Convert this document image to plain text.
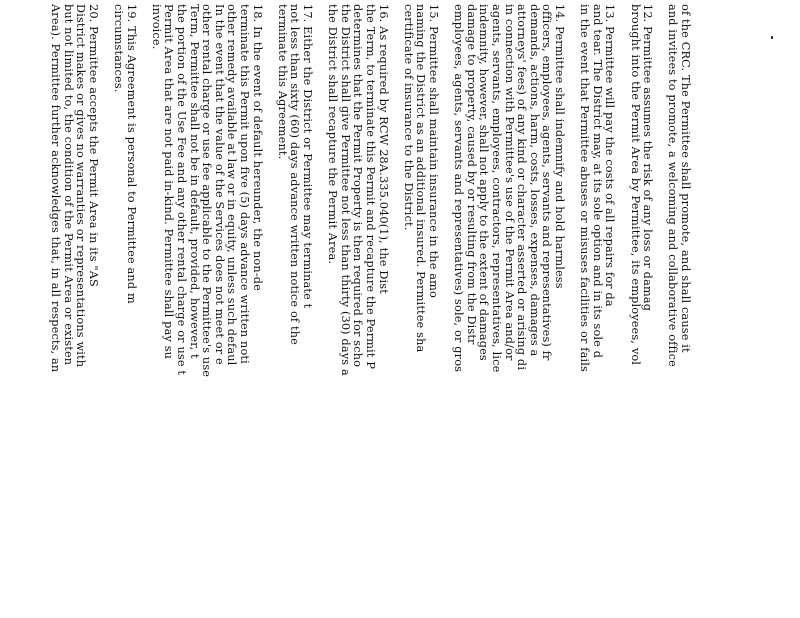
of the CRC. The Permittee shall promote, and shall cause it
and invitees to promote, a welcoming and collaborative office
12. Permittee assumes the risk of any loss or damag
brought into the Permit Area by Permittee, its employees, vol
13. Permittee will pay the costs of all repairs for da
and tear. The District may, at its sole option and in its sole d
in the event that Permittee abuses or misuses facilities or fails
14. Permittee shall indemnify and hold harmless
officers, employees, agents, servants and representatives) fr
demands, actions, harm, costs, losses, expenses, damages a
attorneys' fees) of any kind or character asserted or arising di
in connection with Permittee's use of the Permit Area and/or
agents, servants, employees, contractors, representatives, lice
indemnity, however, shall not apply to the extent of damages
damage to property, caused by or resulting from the Distr
employees, agents, servants and representatives) sole, or gros
15. Permittee shall maintain insurance in the amo
naming the District as an additional insured. Permittee sha
certificate of insurance to the District.
16. As required by RCW 28A.335.040(1), the Dist
the Term, to terminate this Permit and recapture the Permit P
determines that the Permit Property is then required for scho
the District shall give Permittee not less than thirty (30) days a
the District shall recapture the Permit Area.
17. Either the District or Permittee may terminate t
not less than sixty (60) days advance written notice of the
terminate this Agreement.
18. In the event of default hereunder, the non-de
terminate this Permit upon five (5) days advance written noti
other remedy available at law or in equity, unless such defaul
In the event that the value of the Services does not meet or e
other rental charge or use fee applicable to the Permittee's use
Term, Permittee shall not be in default, provided, however, t
the portion of the Use Fee and any other rental charge or use t
Permit Area that are not paid in-kind. Permittee shall pay su
invoice.
19. This Agreement is personal to Permittee and m
circumstances.
20. Permittee accepts the Permit Area in its "AS
District makes or gives no warranties or representations with
but not limited to, the condition of the Permit Area or existen
Area). Permittee further acknowledges that, in all respects, an
